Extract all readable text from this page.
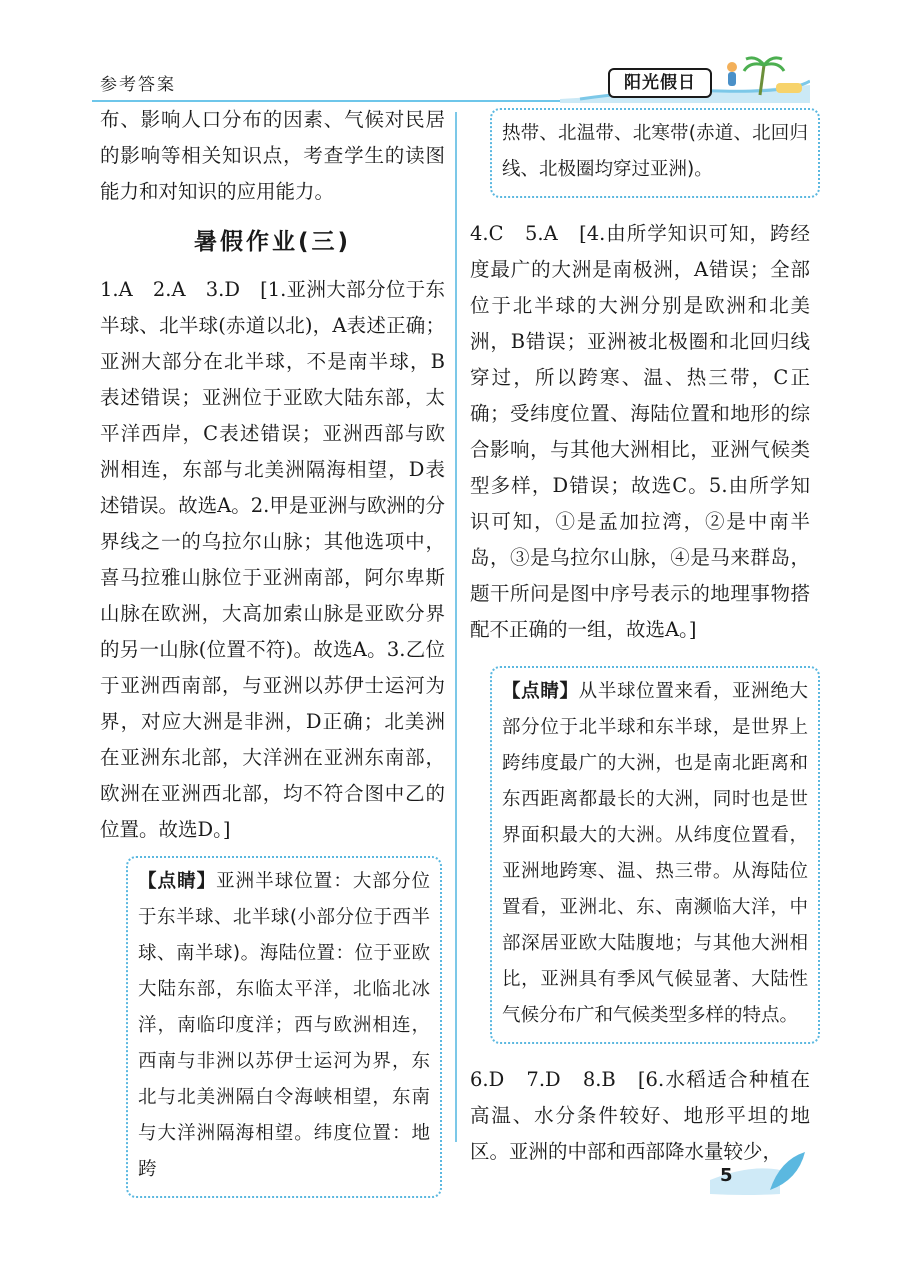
参考答案	阳光假日

布、影响人口分布的因素、气候对民居的影响等相关知识点，考查学生的读图能力和对知识的应用能力。

暑假作业(三)

1.A　2.A　3.D　[1.亚洲大部分位于东半球、北半球(赤道以北)，A表述正确；亚洲大部分在北半球，不是南半球，B表述错误；亚洲位于亚欧大陆东部，太平洋西岸，C表述错误；亚洲西部与欧洲相连，东部与北美洲隔海相望，D表述错误。故选A。2.甲是亚洲与欧洲的分界线之一的乌拉尔山脉；其他选项中，喜马拉雅山脉位于亚洲南部，阿尔卑斯山脉在欧洲，大高加索山脉是亚欧分界的另一山脉(位置不符)。故选A。3.乙位于亚洲西南部，与亚洲以苏伊士运河为界，对应大洲是非洲，D正确；北美洲在亚洲东北部，大洋洲在亚洲东南部，欧洲在亚洲西北部，均不符合图中乙的位置。故选D。]

【点睛】亚洲半球位置：大部分位于东半球、北半球(小部分位于西半球、南半球)。海陆位置：位于亚欧大陆东部，东临太平洋，北临北冰洋，南临印度洋；西与欧洲相连，西南与非洲以苏伊士运河为界，东北与北美洲隔白令海峡相望，东南与大洋洲隔海相望。纬度位置：地跨

热带、北温带、北寒带(赤道、北回归线、北极圈均穿过亚洲)。

4.C　5.A　[4.由所学知识可知，跨经度最广的大洲是南极洲，A错误；全部位于北半球的大洲分别是欧洲和北美洲，B错误；亚洲被北极圈和北回归线穿过，所以跨寒、温、热三带，C正确；受纬度位置、海陆位置和地形的综合影响，与其他大洲相比，亚洲气候类型多样，D错误；故选C。5.由所学知识可知，①是孟加拉湾，②是中南半岛，③是乌拉尔山脉，④是马来群岛，题干所问是图中序号表示的地理事物搭配不正确的一组，故选A。]

【点睛】从半球位置来看，亚洲绝大部分位于北半球和东半球，是世界上跨纬度最广的大洲，也是南北距离和东西距离都最长的大洲，同时也是世界面积最大的大洲。从纬度位置看，亚洲地跨寒、温、热三带。从海陆位置看，亚洲北、东、南濒临大洋，中部深居亚欧大陆腹地；与其他大洲相比，亚洲具有季风气候显著、大陆性气候分布广和气候类型多样的特点。

6.D　7.D　8.B　[6.水稻适合种植在高温、水分条件较好、地形平坦的地区。亚洲的中部和西部降水量较少，

5
